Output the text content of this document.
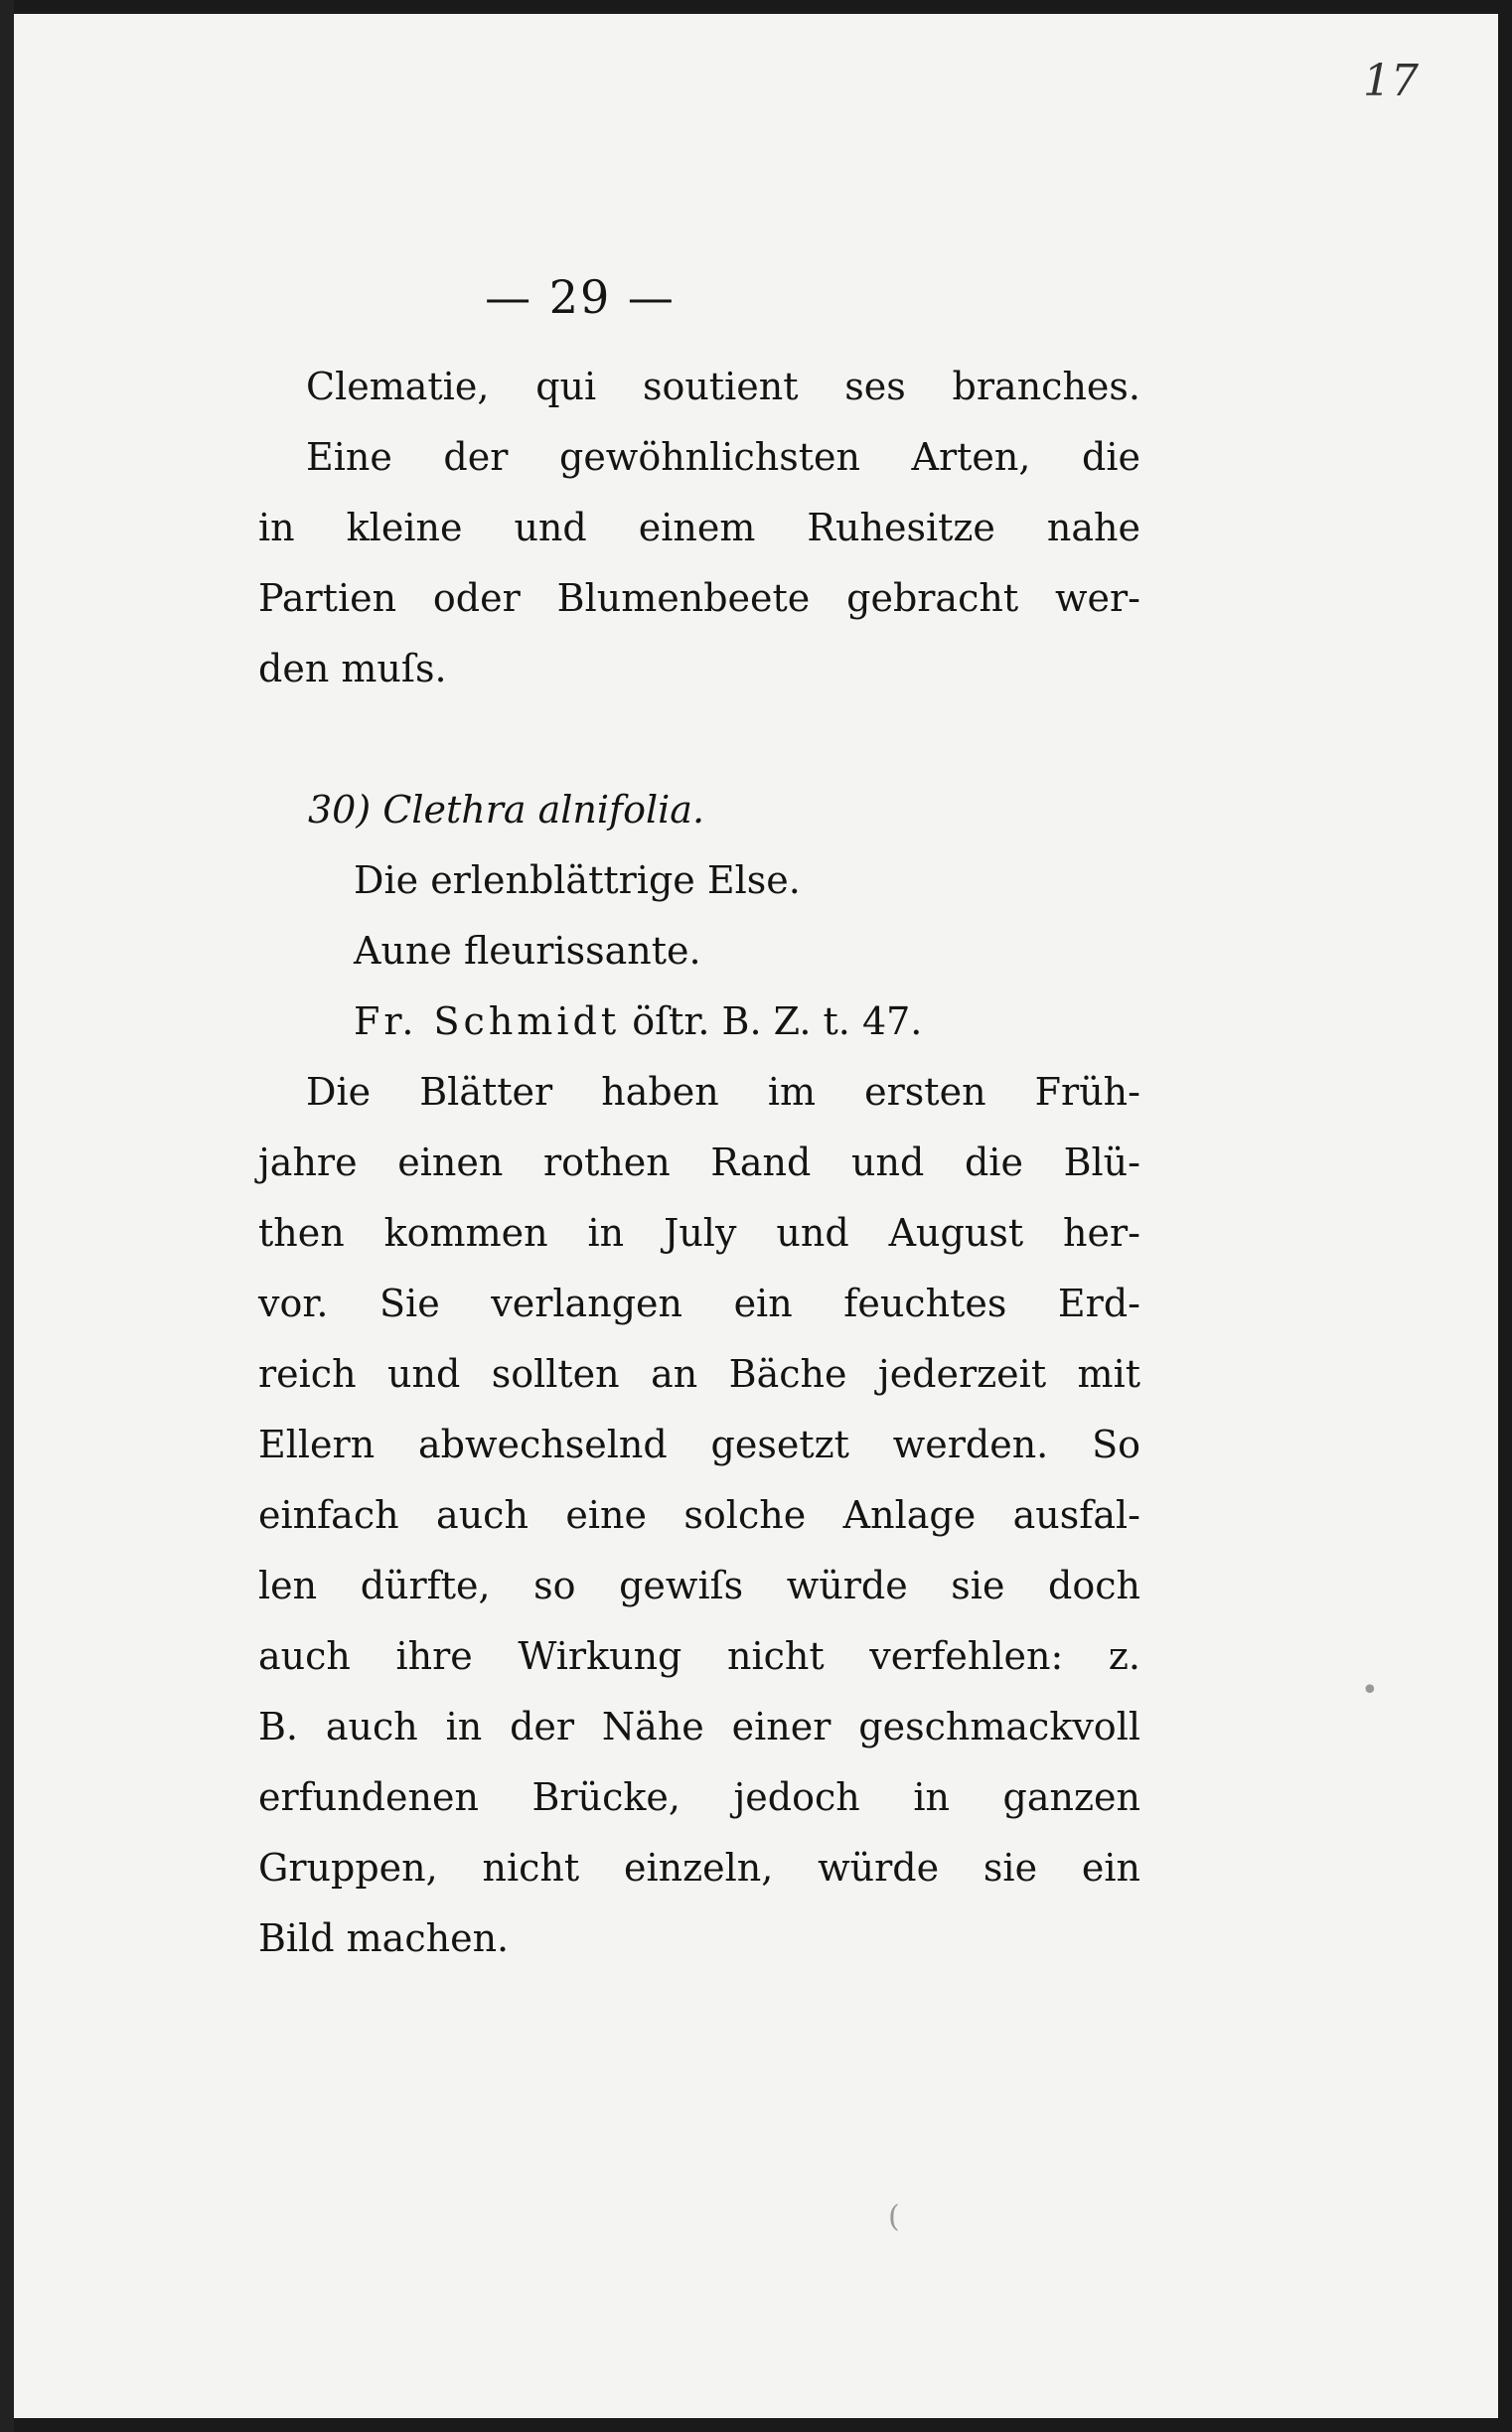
17

— 29 —

Clematie, qui soutient ses branches.
Eine der gewöhnlichsten Arten, die
in kleine und einem Ruhesitze nahe
Partien oder Blumenbeete gebracht wer-
den muſs.
30) Clethra alnifolia.
Die erlenblättrige Else.
Aune fleurissante.
Fr. Schmidt öſtr. B. Z. t. 47.
Die Blätter haben im ersten Früh-
jahre einen rothen Rand und die Blü-
then kommen in July und August her-
vor. Sie verlangen ein feuchtes Erd-
reich und sollten an Bäche jederzeit mit
Ellern abwechselnd gesetzt werden. So
einfach auch eine solche Anlage ausfal-
len dürfte, so gewiſs würde sie doch
auch ihre Wirkung nicht verfehlen: z.
B. auch in der Nähe einer geschmackvoll
erfundenen Brücke, jedoch in ganzen
Gruppen, nicht einzeln, würde sie ein
Bild machen.
•
(
